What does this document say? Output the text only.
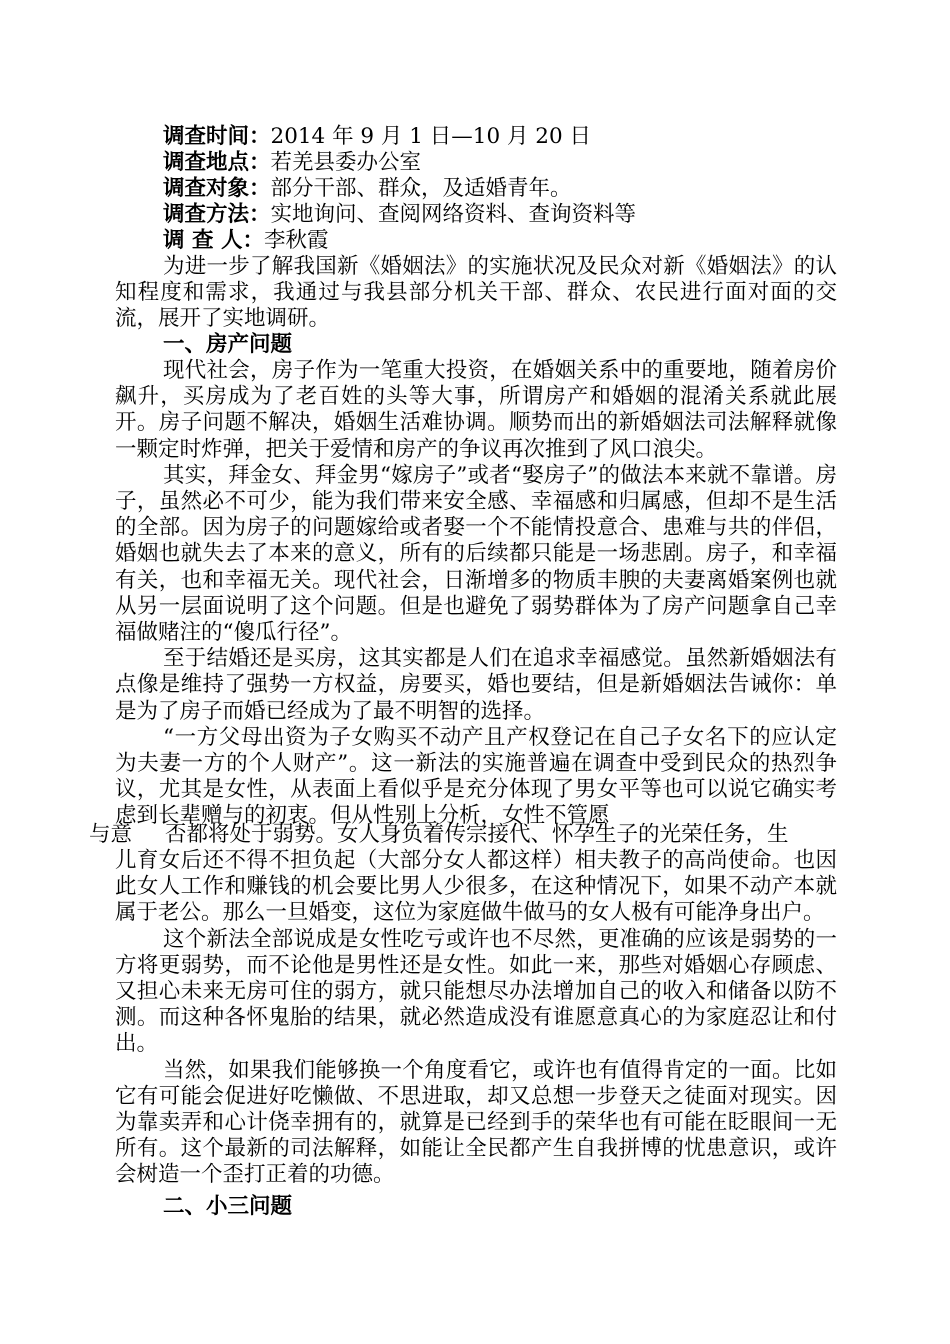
调查时间：2014 年 9 月 1 日—10 月 20 日
调查地点：若羌县委办公室
调查对象：部分干部、群众，及适婚青年。
调查方法：实地询问、查阅网络资料、查询资料等
调 查 人：李秋霞

为进一步了解我国新《婚姻法》的实施状况及民众对新《婚姻法》的认知程度和需求，我通过与我县部分机关干部、群众、农民进行面对面的交流，展开了实地调研。

一、房产问题

现代社会，房子作为一笔重大投资，在婚姻关系中的重要地，随着房价飙升，买房成为了老百姓的头等大事，所谓房产和婚姻的混淆关系就此展开。房子问题不解决，婚姻生活难协调。顺势而出的新婚姻法司法解释就像一颗定时炸弹，把关于爱情和房产的争议再次推到了风口浪尖。

其实，拜金女、拜金男“嫁房子”或者“娶房子”的做法本来就不靠谱。房子，虽然必不可少，能为我们带来安全感、幸福感和归属感，但却不是生活的全部。因为房子的问题嫁给或者娶一个不能情投意合、患难与共的伴侣，婚姻也就失去了本来的意义，所有的后续都只能是一场悲剧。房子，和幸福有关，也和幸福无关。现代社会，日渐增多的物质丰腴的夫妻离婚案例也就从另一层面说明了这个问题。但是也避免了弱势群体为了房产问题拿自己幸福做赌注的“傻瓜行径”。

至于结婚还是买房，这其实都是人们在追求幸福感觉。虽然新婚姻法有点像是维持了强势一方权益，房要买，婚也要结，但是新婚姻法告诫你：单是为了房子而婚已经成为了最不明智的选择。

“一方父母出资为子女购买不动产且产权登记在自己子女名下的应认定为夫妻一方的个人财产”。这一新法的实施普遍在调查中受到民众的热烈争议，尤其是女性，从表面上看似乎是充分体现了男女平等也可以说它确实考虑到长辈赠与的初衷。但从性别上分析，女性不管愿

与意 否都将处于弱势。女人身负着传宗接代、怀孕生子的光荣任务，生

儿育女后还不得不担负起（大部分女人都这样）相夫教子的高尚使命。也因此女人工作和赚钱的机会要比男人少很多，在这种情况下，如果不动产本就属于老公。那么一旦婚变，这位为家庭做牛做马的女人极有可能净身出户。

这个新法全部说成是女性吃亏或许也不尽然，更准确的应该是弱势的一方将更弱势，而不论他是男性还是女性。如此一来，那些对婚姻心存顾虑、又担心未来无房可住的弱方，就只能想尽办法增加自己的收入和储备以防不测。而这种各怀鬼胎的结果，就必然造成没有谁愿意真心的为家庭忍让和付出。

当然，如果我们能够换一个角度看它，或许也有值得肯定的一面。比如它有可能会促进好吃懒做、不思进取，却又总想一步登天之徒面对现实。因为靠卖弄和心计侥幸拥有的，就算是已经到手的荣华也有可能在眨眼间一无所有。这个最新的司法解释，如能让全民都产生自我拼博的忧患意识，或许会树造一个歪打正着的功德。

二、小三问题
